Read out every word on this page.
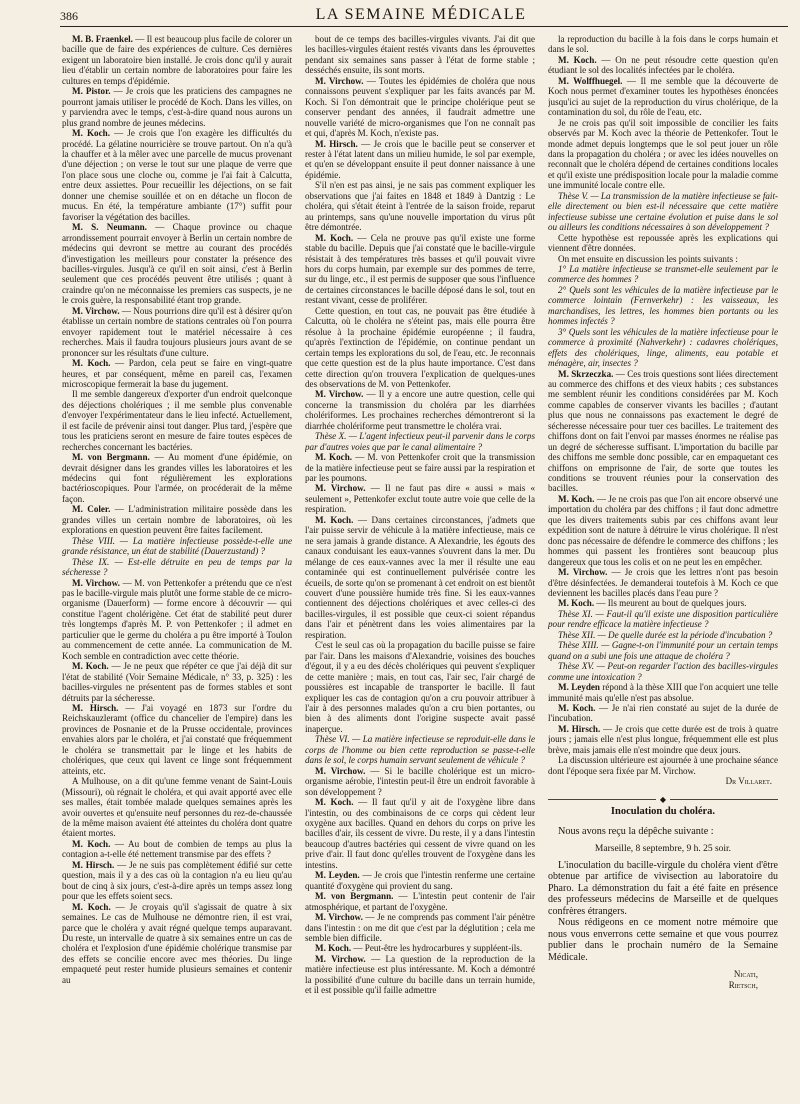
386	LA SEMAINE MÉDICALE

M. B. Fraenkel. — Il est beaucoup plus facile de colorer un bacille que de faire des expériences de culture. Ces dernières exigent un laboratoire bien installé. Je crois donc qu'il y aurait lieu d'établir un certain nombre de laboratoires pour faire les cultures en temps d'épidémie.

M. Pistor. — Je crois que les praticiens des campagnes ne pourront jamais utiliser le procédé de Koch. Dans les villes, on y parviendra avec le temps, c'est-à-dire quand nous aurons un plus grand nombre de jeunes médecins.

M. Koch. — Je crois que l'on exagère les difficultés du procédé. La gélatine nourricière se trouve partout. On n'a qu'à la chauffer et à la mêler avec une parcelle de mucus provenant d'une déjection ; on verse le tout sur une plaque de verre que l'on place sous une cloche ou, comme je l'ai fait à Calcutta, entre deux assiettes. Pour recueillir les déjections, on se fait donner une chemise souillée et on en détache un flocon de mucus. En été, la température ambiante (17°) suffit pour favoriser la végétation des bacilles.

M. S. Neumann. — Chaque province ou chaque arrondissement pourrait envoyer à Berlin un certain nombre de médecins qui devront se mettre au courant des procédés d'investigation les meilleurs pour constater la présence des bacilles-virgules. Jusqu'à ce qu'il en soit ainsi, c'est à Berlin seulement que ces procédés peuvent être utilisés ; quant à craindre qu'on ne méconnaisse les premiers cas suspects, je ne le crois guère, la responsabilité étant trop grande.

M. Virchow. — Nous pourrions dire qu'il est à désirer qu'on établisse un certain nombre de stations centrales où l'on pourra envoyer rapidement tout le matériel nécessaire à ces recherches. Mais il faudra toujours plusieurs jours avant de se prononcer sur les résultats d'une culture.

M. Koch. — Pardon, cela peut se faire en vingt-quatre heures, et par conséquent, même en pareil cas, l'examen microscopique fermerait la base du jugement.

Il me semble dangereux d'exporter d'un endroit quelconque des déjections cholériques ; il me semble plus convenable d'envoyer l'expérimentateur dans le lieu infecté. Actuellement, il est facile de prévenir ainsi tout danger. Plus tard, j'espère que tous les praticiens seront en mesure de faire toutes espèces de recherches concernant les bactéries.

M. von Bergmann. — Au moment d'une épidémie, on devrait désigner dans les grandes villes les laboratoires et les médecins qui font régulièrement les explorations bactérioscopiques. Pour l'armée, on procéderait de la même façon.

M. Coler. — L'administration militaire possède dans les grandes villes un certain nombre de laboratoires, où les explorations en question peuvent être faites facilement.

Thèse VIII. — La matière infectieuse possède-t-elle une grande résistance, un état de stabilité (Dauerzustand) ?

Thèse IX. — Est-elle détruite en peu de temps par la sécheresse ?

M. Virchow. — M. von Pettenkofer a prétendu que ce n'est pas le bacille-virgule mais plutôt une forme stable de ce micro-organisme (Dauerform) — forme encore à découvrir — qui constitue l'agent cholérigène. Cet état de stabilité peut durer très longtemps d'après M. P. von Pettenkofer ; il admet en particulier que le germe du choléra a pu être importé à Toulon au commencement de cette année. La communication de M. Koch semble en contradiction avec cette théorie.

M. Koch. — Je ne peux que répéter ce que j'ai déjà dit sur l'état de stabilité (Voir Semaine Médicale, n° 33, p. 325) : les bacilles-virgules ne présentent pas de formes stables et sont détruits par la sécheresse.

M. Hirsch. — J'ai voyagé en 1873 sur l'ordre du Reichskauzleramt (office du chancelier de l'empire) dans les provinces de Posnanie et de la Prusse occidentale, provinces envahies alors par le choléra, et j'ai constaté que fréquemment le choléra se transmettait par le linge et les habits de cholériques, que ceux qui lavent ce linge sont fréquemment atteints, etc.

A Mulhouse, on a dit qu'une femme venant de Saint-Louis (Missouri), où régnait le choléra, et qui avait apporté avec elle ses malles, était tombée malade quelques semaines après les avoir ouvertes et qu'ensuite neuf personnes du rez-de-chaussée de la même maison avaient été atteintes du choléra dont quatre étaient mortes.

M. Koch. — Au bout de combien de temps au plus la contagion a-t-elle été nettement transmise par des effets ?

M. Hirsch. — Je ne suis pas complètement édifié sur cette question, mais il y a des cas où la contagion n'a eu lieu qu'au bout de cinq à six jours, c'est-à-dire après un temps assez long pour que les effets soient secs.

M. Koch. — Je croyais qu'il s'agissait de quatre à six semaines. Le cas de Mulhouse ne démontre rien, il est vrai, parce que le choléra y avait régné quelque temps auparavant. Du reste, un intervalle de quatre à six semaines entre un cas de choléra et l'explosion d'une épidémie cholérique transmise par des effets se concilie encore avec mes théories. Du linge empaqueté peut rester humide plusieurs semaines et contenir au

bout de ce temps des bacilles-virgules vivants. J'ai dit que les bacilles-virgules étaient restés vivants dans les éprouvettes pendant six semaines sans passer à l'état de forme stable ; desséchés ensuite, ils sont morts.

M. Virchow. — Toutes les épidémies de choléra que nous connaissons peuvent s'expliquer par les faits avancés par M. Koch. Si l'on démontrait que le principe cholérique peut se conserver pendant des années, il faudrait admettre une nouvelle variété de micro-organismes que l'on ne connaît pas et qui, d'après M. Koch, n'existe pas.

M. Hirsch. — Je crois que le bacille peut se conserver et rester à l'état latent dans un milieu humide, le sol par exemple, et qu'en se développant ensuite il peut donner naissance à une épidémie.

S'il n'en est pas ainsi, je ne sais pas comment expliquer les observations que j'ai faites en 1848 et 1849 à Dantzig : Le choléra, qui s'était éteint à l'entrée de la saison froide, reparut au printemps, sans qu'une nouvelle importation du virus pût être démontrée.

M. Koch. — Cela ne prouve pas qu'il existe une forme stable du bacille. Depuis que j'ai constaté que le bacille-virgule résistait à des températures très basses et qu'il pouvait vivre hors du corps humain, par exemple sur des pommes de terre, sur du linge, etc., il est permis de supposer que sous l'influence de certaines circonstances le bacille déposé dans le sol, tout en restant vivant, cesse de proliférer.

Cette question, en tout cas, ne pouvait pas être étudiée à Calcutta, où le choléra ne s'éteint pas, mais elle pourra être résolue à la prochaine épidémie européenne ; il faudra, qu'après l'extinction de l'épidémie, on continue pendant un certain temps les explorations du sol, de l'eau, etc. Je reconnais que cette question est de la plus haute importance. C'est dans cette direction qu'on trouvera l'explication de quelques-unes des observations de M. von Pettenkofer.

M. Virchow. — Il y a encore une autre question, celle qui concerne la transmission du choléra par les diarrhées cholériformes. Les prochaines recherches démontreront si la diarrhée cholériforme peut transmettre le choléra vrai.

Thèse X. — L'agent infectieux peut-il parvenir dans le corps par d'autres voies que par le canal alimentaire ?

M. Koch. — M. von Pettenkofer croit que la transmission de la matière infectieuse peut se faire aussi par la respiration et par les poumons.

M. Virchow. — Il ne faut pas dire « aussi » mais « seulement », Pettenkofer exclut toute autre voie que celle de la respiration.

M. Koch. — Dans certaines circonstances, j'admets que l'air puisse servir de véhicule à la matière infectieuse, mais ce ne sera jamais à grande distance. A Alexandrie, les égouts des canaux conduisant les eaux-vannes s'ouvrent dans la mer. Du mélange de ces eaux-vannes avec la mer il résulte une eau contaminée qui est continuellement pulvérisée contre les écueils, de sorte qu'on se promenant à cet endroit on est bientôt couvert d'une poussière humide très fine. Si les eaux-vannes contiennent des déjections cholériques et avec celles-ci des bacilles-virgules, il est possible que ceux-ci soient répandus dans l'air et pénètrent dans les voies alimentaires par la respiration.

C'est le seul cas où la propagation du bacille puisse se faire par l'air. Dans les maisons d'Alexandrie, voisines des bouches d'égout, il y a eu des décès cholériques qui peuvent s'expliquer de cette manière ; mais, en tout cas, l'air sec, l'air chargé de poussières est incapable de transporter le bacille. Il faut expliquer les cas de contagion qu'on a cru pouvoir attribuer à l'air à des personnes malades qu'on a cru bien portantes, ou bien à des aliments dont l'origine suspecte avait passé inaperçue.

Thèse VI. — La matière infectieuse se reproduit-elle dans le corps de l'homme ou bien cette reproduction se passe-t-elle dans le sol, le corps humain servant seulement de véhicule ?

M. Virchow. — Si le bacille cholérique est un micro-organisme aérobie, l'intestin peut-il être un endroit favorable à son développement ?

M. Koch. — Il faut qu'il y ait de l'oxygène libre dans l'intestin, ou des combinaisons de ce corps qui cèdent leur oxygène aux bacilles. Quand en dehors du corps on prive les bacilles d'air, ils cessent de vivre. Du reste, il y a dans l'intestin beaucoup d'autres bactéries qui cessent de vivre quand on les prive d'air. Il faut donc qu'elles trouvent de l'oxygène dans les intestins.

M. Leyden. — Je crois que l'intestin renferme une certaine quantité d'oxygène qui provient du sang.

M. von Bergmann. — L'intestin peut contenir de l'air atmosphérique, et partant de l'oxygène.

M. Virchow. — Je ne comprends pas comment l'air pénètre dans l'intestin : on me dit que c'est par la déglutition ; cela me semble bien difficile.

M. Koch. — Peut-être les hydrocarbures y suppléent-ils.

M. Virchow. — La question de la reproduction de la matière infectieuse est plus intéressante. M. Koch a démontré la possibilité d'une culture du bacille dans un terrain humide, et il est possible qu'il faille admettre

la reproduction du bacille à la fois dans le corps humain et dans le sol.

M. Koch. — On ne peut résoudre cette question qu'en étudiant le sol des localités infectées par le choléra.

M. Wolffhuegel. — Il me semble que la découverte de Koch nous permet d'examiner toutes les hypothèses énoncées jusqu'ici au sujet de la reproduction du virus cholérique, de la contamination du sol, du rôle de l'eau, etc.

Je ne crois pas qu'il soit impossible de concilier les faits observés par M. Koch avec la théorie de Pettenkofer. Tout le monde admet depuis longtemps que le sol peut jouer un rôle dans la propagation du choléra ; or avec les idées nouvelles on reconnaît que le choléra dépend de certaines conditions locales et qu'il existe une prédisposition locale pour la maladie comme une immunité locale contre elle.

Thèse V. — La transmission de la matière infectieuse se fait-elle directement ou bien est-il nécessaire que cette matière infectieuse subisse une certaine évolution et puise dans le sol ou ailleurs les conditions nécessaires à son développement ?

Cette hypothèse est repoussée après les explications qui viennent d'être données.

On met ensuite en discussion les points suivants :

1° La matière infectieuse se transmet-elle seulement par le commerce des hommes ?

2° Quels sont les véhicules de la matière infectieuse par le commerce lointain (Fernverkehr) : les vaisseaux, les marchandises, les lettres, les hommes bien portants ou les hommes infectés ?

3° Quels sont les véhicules de la matière infectieuse pour le commerce à proximité (Nahverkehr) : cadavres cholériques, effets des cholériques, linge, aliments, eau potable et ménagère, air, insectes ?

M. Skrzeczka. — Ces trois questions sont liées directement au commerce des chiffons et des vieux habits ; ces substances me semblent réunir les conditions considérées par M. Koch comme capables de conserver vivants les bacilles ; d'autant plus que nous ne connaissons pas exactement le degré de sécheresse nécessaire pour tuer ces bacilles. Le traitement des chiffons dont on fait l'envoi par masses énormes ne réalise pas un degré de sécheresse suffisant. L'importation du bacille par des chiffons me semble donc possible, car en empaquetant ces chiffons on emprisonne de l'air, de sorte que toutes les conditions se trouvent réunies pour la conservation des bacilles.

M. Koch. — Je ne crois pas que l'on ait encore observé une importation du choléra par des chiffons ; il faut donc admettre que les divers traitements subis par ces chiffons avant leur expédition sont de nature à détruire le virus cholérique. Il n'est donc pas nécessaire de défendre le commerce des chiffons ; les hommes qui passent les frontières sont beaucoup plus dangereux que tous les colis et on ne peut les en empêcher.

M. Virchow. — Je crois que les lettres n'ont pas besoin d'être désinfectées. Je demanderai toutefois à M. Koch ce que deviennent les bacilles placés dans l'eau pure ?

M. Koch. — Ils meurent au bout de quelques jours.

Thèse XI. — Faut-il qu'il existe une disposition particulière pour rendre efficace la matière infectieuse ?

Thèse XII. — De quelle durée est la période d'incubation ?

Thèse XIII. — Gagne-t-on l'immunité pour un certain temps quand on a subi une fois une attaque de choléra ?

Thèse XV. — Peut-on regarder l'action des bacilles-virgules comme une intoxication ?

M. Leyden répond à la thèse XIII que l'on acquiert une telle immunité mais qu'elle n'est pas absolue.

M. Koch. — Je n'ai rien constaté au sujet de la durée de l'incubation.

M. Hirsch. — Je crois que cette durée est de trois à quatre jours ; jamais elle n'est plus longue, fréquemment elle est plus brève, mais jamais elle n'est moindre que deux jours.

La discussion ultérieure est ajournée à une prochaine séance dont l'époque sera fixée par M. Virchow.

Dr Villaret.
◆
Inoculation du choléra.

Nous avons reçu la dépêche suivante :

Marseille, 8 septembre, 9 h. 25 soir.

L'inoculation du bacille-virgule du choléra vient d'être obtenue par artifice de vivisection au laboratoire du Pharo. La démonstration du fait a été faite en présence des professeurs médecins de Marseille et de quelques confrères étrangers.

Nous rédigeons en ce moment notre mémoire que nous vous enverrons cette semaine et que vous pourrez publier dans le prochain numéro de la Semaine Médicale.

Nicati,
Rietsch,
